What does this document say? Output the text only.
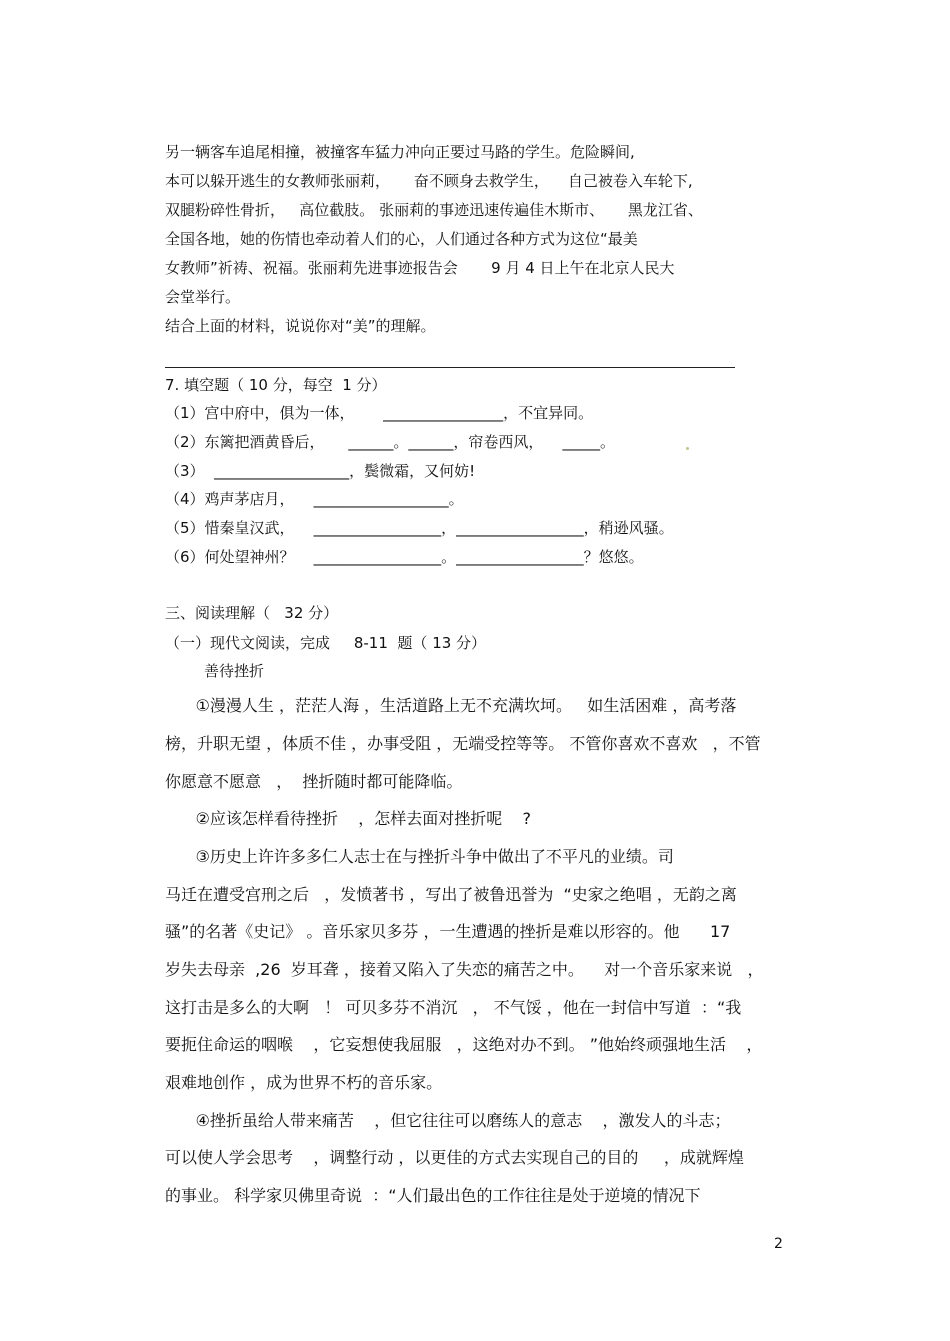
另一辆客车追尾相撞，被撞客车猛力冲向正要过马路的学生。危险瞬间,
本可以躲开逃生的女教师张丽莉，     奋不顾身去救学生，    自己被卷入车轮下,
双腿粉碎性骨折，   高位截肢。 张丽莉的事迹迅速传遍佳木斯市、     黑龙江省、
全国各地，她的伤情也牵动着人们的心，人们通过各种方式为这位“最美
女教师”祈祷、祝福。张丽莉先进事迹报告会       9 月 4 日上午在北京人民大
会堂举行。
结合上面的材料，说说你对“美”的理解。
7. 填空题（ 10 分，每空  1 分）
（1）宫中府中，俱为一体，      ________________，不宜异同。
（2）东篱把酒黄昏后，     ______。______，帘卷西风，    _____。
（3）  __________________，鬓微霜，又何妨!
（4）鸡声茅店月，    __________________。
（5）惜秦皇汉武，    _________________，_________________，稍逊风骚。
（6）何处望神州？    _________________。_________________？悠悠。
三、阅读理解（   32 分）
（一）现代文阅读，完成     8-11  题（ 13 分）
善待挫折
①漫漫人生 ，茫茫人海 ，生活道路上无不充满坎坷。   如生活困难 ，高考落
榜，升职无望 ，体质不佳 ，办事受阻 ，无端受控等等。 不管你喜欢不喜欢   ，不管
你愿意不愿意   ，  挫折随时都可能降临。
②应该怎样看待挫折    ，怎样去面对挫折呢    ?
③历史上许许多多仁人志士在与挫折斗争中做出了不平凡的业绩。司
马迁在遭受宫刑之后   ，发愤著书 ，写出了被鲁迅誉为  “史家之绝唱 ，无韵之离
骚”的名著《史记》 。音乐家贝多芬 ，一生遭遇的挫折是难以形容的。他      17
岁失去母亲  ,26  岁耳聋 ，接着又陷入了失恋的痛苦之中。    对一个音乐家来说   ，
这打击是多么的大啊   ！ 可贝多芬不消沉   ， 不气馁 ，他在一封信中写道  ：“我
要扼住命运的咽喉    ，它妄想使我屈服   ，这绝对办不到。 ”他始终顽强地生活    ，
艰难地创作 ，成为世界不朽的音乐家。
④挫折虽给人带来痛苦    ，但它往往可以磨练人的意志    ，激发人的斗志；
可以使人学会思考    ，调整行动 ，以更佳的方式去实现自己的目的     ，成就辉煌
的事业。 科学家贝佛里奇说  ：“人们最出色的工作往往是处于逆境的情况下
2
